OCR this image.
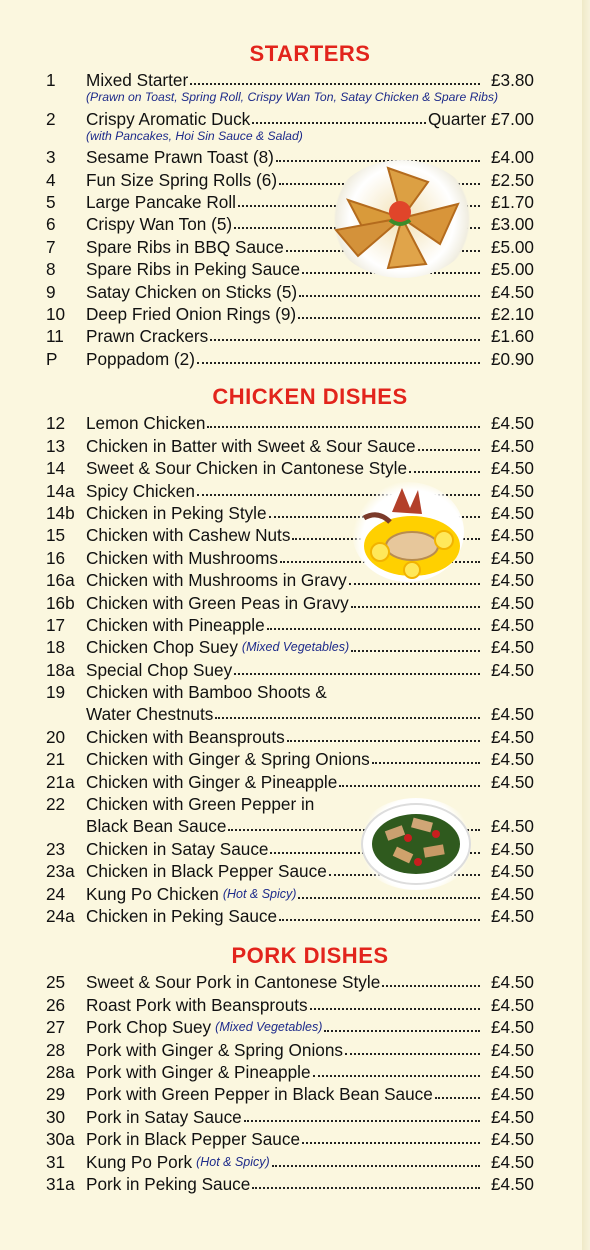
STARTERS
1	Mixed Starter	£3.80
(Prawn on Toast, Spring Roll, Crispy Wan Ton, Satay Chicken & Spare Ribs)
2	Crispy Aromatic Duck	Quarter £7.00
(with Pancakes, Hoi Sin Sauce & Salad)
3	Sesame Prawn Toast (8)	£4.00
4	Fun Size Spring Rolls (6)	£2.50
5	Large Pancake Roll	£1.70
6	Crispy Wan Ton (5)	£3.00
7	Spare Ribs in BBQ Sauce	£5.00
8	Spare Ribs in Peking Sauce	£5.00
9	Satay Chicken on Sticks (5)	£4.50
10	Deep Fried Onion Rings (9)	£2.10
11	Prawn Crackers	£1.60
P	Poppadom (2)	£0.90
CHICKEN DISHES
12	Lemon Chicken	£4.50
13	Chicken in Batter with Sweet & Sour Sauce	£4.50
14	Sweet & Sour Chicken in Cantonese Style	£4.50
14a Spicy Chicken	£4.50
14b Chicken in Peking Style	£4.50
15	Chicken with Cashew Nuts	£4.50
16	Chicken with Mushrooms	£4.50
16a Chicken with Mushrooms in Gravy	£4.50
16b Chicken with Green Peas in Gravy	£4.50
17	Chicken with Pineapple	£4.50
18	Chicken Chop Suey (Mixed Vegetables)	£4.50
18a Special Chop Suey	£4.50
19	Chicken with Bamboo Shoots &
Water Chestnuts	£4.50
20	Chicken with Beansprouts	£4.50
21	Chicken with Ginger & Spring Onions	£4.50
21a Chicken with Ginger & Pineapple	£4.50
22	Chicken with Green Pepper in
Black Bean Sauce	£4.50
23	Chicken in Satay Sauce	£4.50
23a Chicken in Black Pepper Sauce	£4.50
24	Kung Po Chicken (Hot & Spicy)	£4.50
24a Chicken in Peking Sauce	£4.50
PORK DISHES
25	Sweet & Sour Pork in Cantonese Style	£4.50
26	Roast Pork with Beansprouts	£4.50
27	Pork Chop Suey (Mixed Vegetables)	£4.50
28	Pork with Ginger & Spring Onions	£4.50
28a Pork with Ginger & Pineapple	£4.50
29	Pork with Green Pepper in Black Bean Sauce	£4.50
30	Pork in Satay Sauce	£4.50
30a Pork in Black Pepper Sauce	£4.50
31	Kung Po Pork (Hot & Spicy)	£4.50
31a Pork in Peking Sauce	£4.50
